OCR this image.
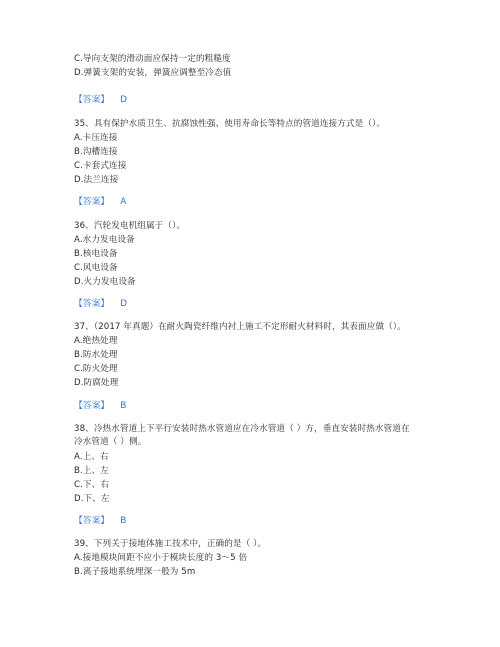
C.导向支架的滑动面应保持一定的粗糙度
D.弹簧支架的安装，弹簧应调整至冷态值
【答案】 D
35、具有保护水质卫生、抗腐蚀性强、使用寿命长等特点的管道连接方式是（）。
A.卡压连接
B.沟槽连接
C.卡套式连接
D.法兰连接
【答案】 A
36、汽轮发电机组属于（）。
A.水力发电设备
B.核电设备
C.风电设备
D.火力发电设备
【答案】 D
37、（2017 年真题）在耐火陶瓷纤维内衬上施工不定形耐火材料时，其表面应做（）。
A.绝热处理
B.防水处理
C.防火处理
D.防腐处理
【答案】 B
38、冷热水管道上下平行安装时热水管道应在冷水管道（ ）方，垂直安装时热水管道在
冷水管道（ ）侧。
A.上、右
B.上、左
C.下、右
D.下、左
【答案】 B
39、下列关于接地体施工技术中，正确的是（ ）。
A.接地模块间距不应小于模块长度的 3～5 倍
B.离子接地系统埋深一般为 5m
